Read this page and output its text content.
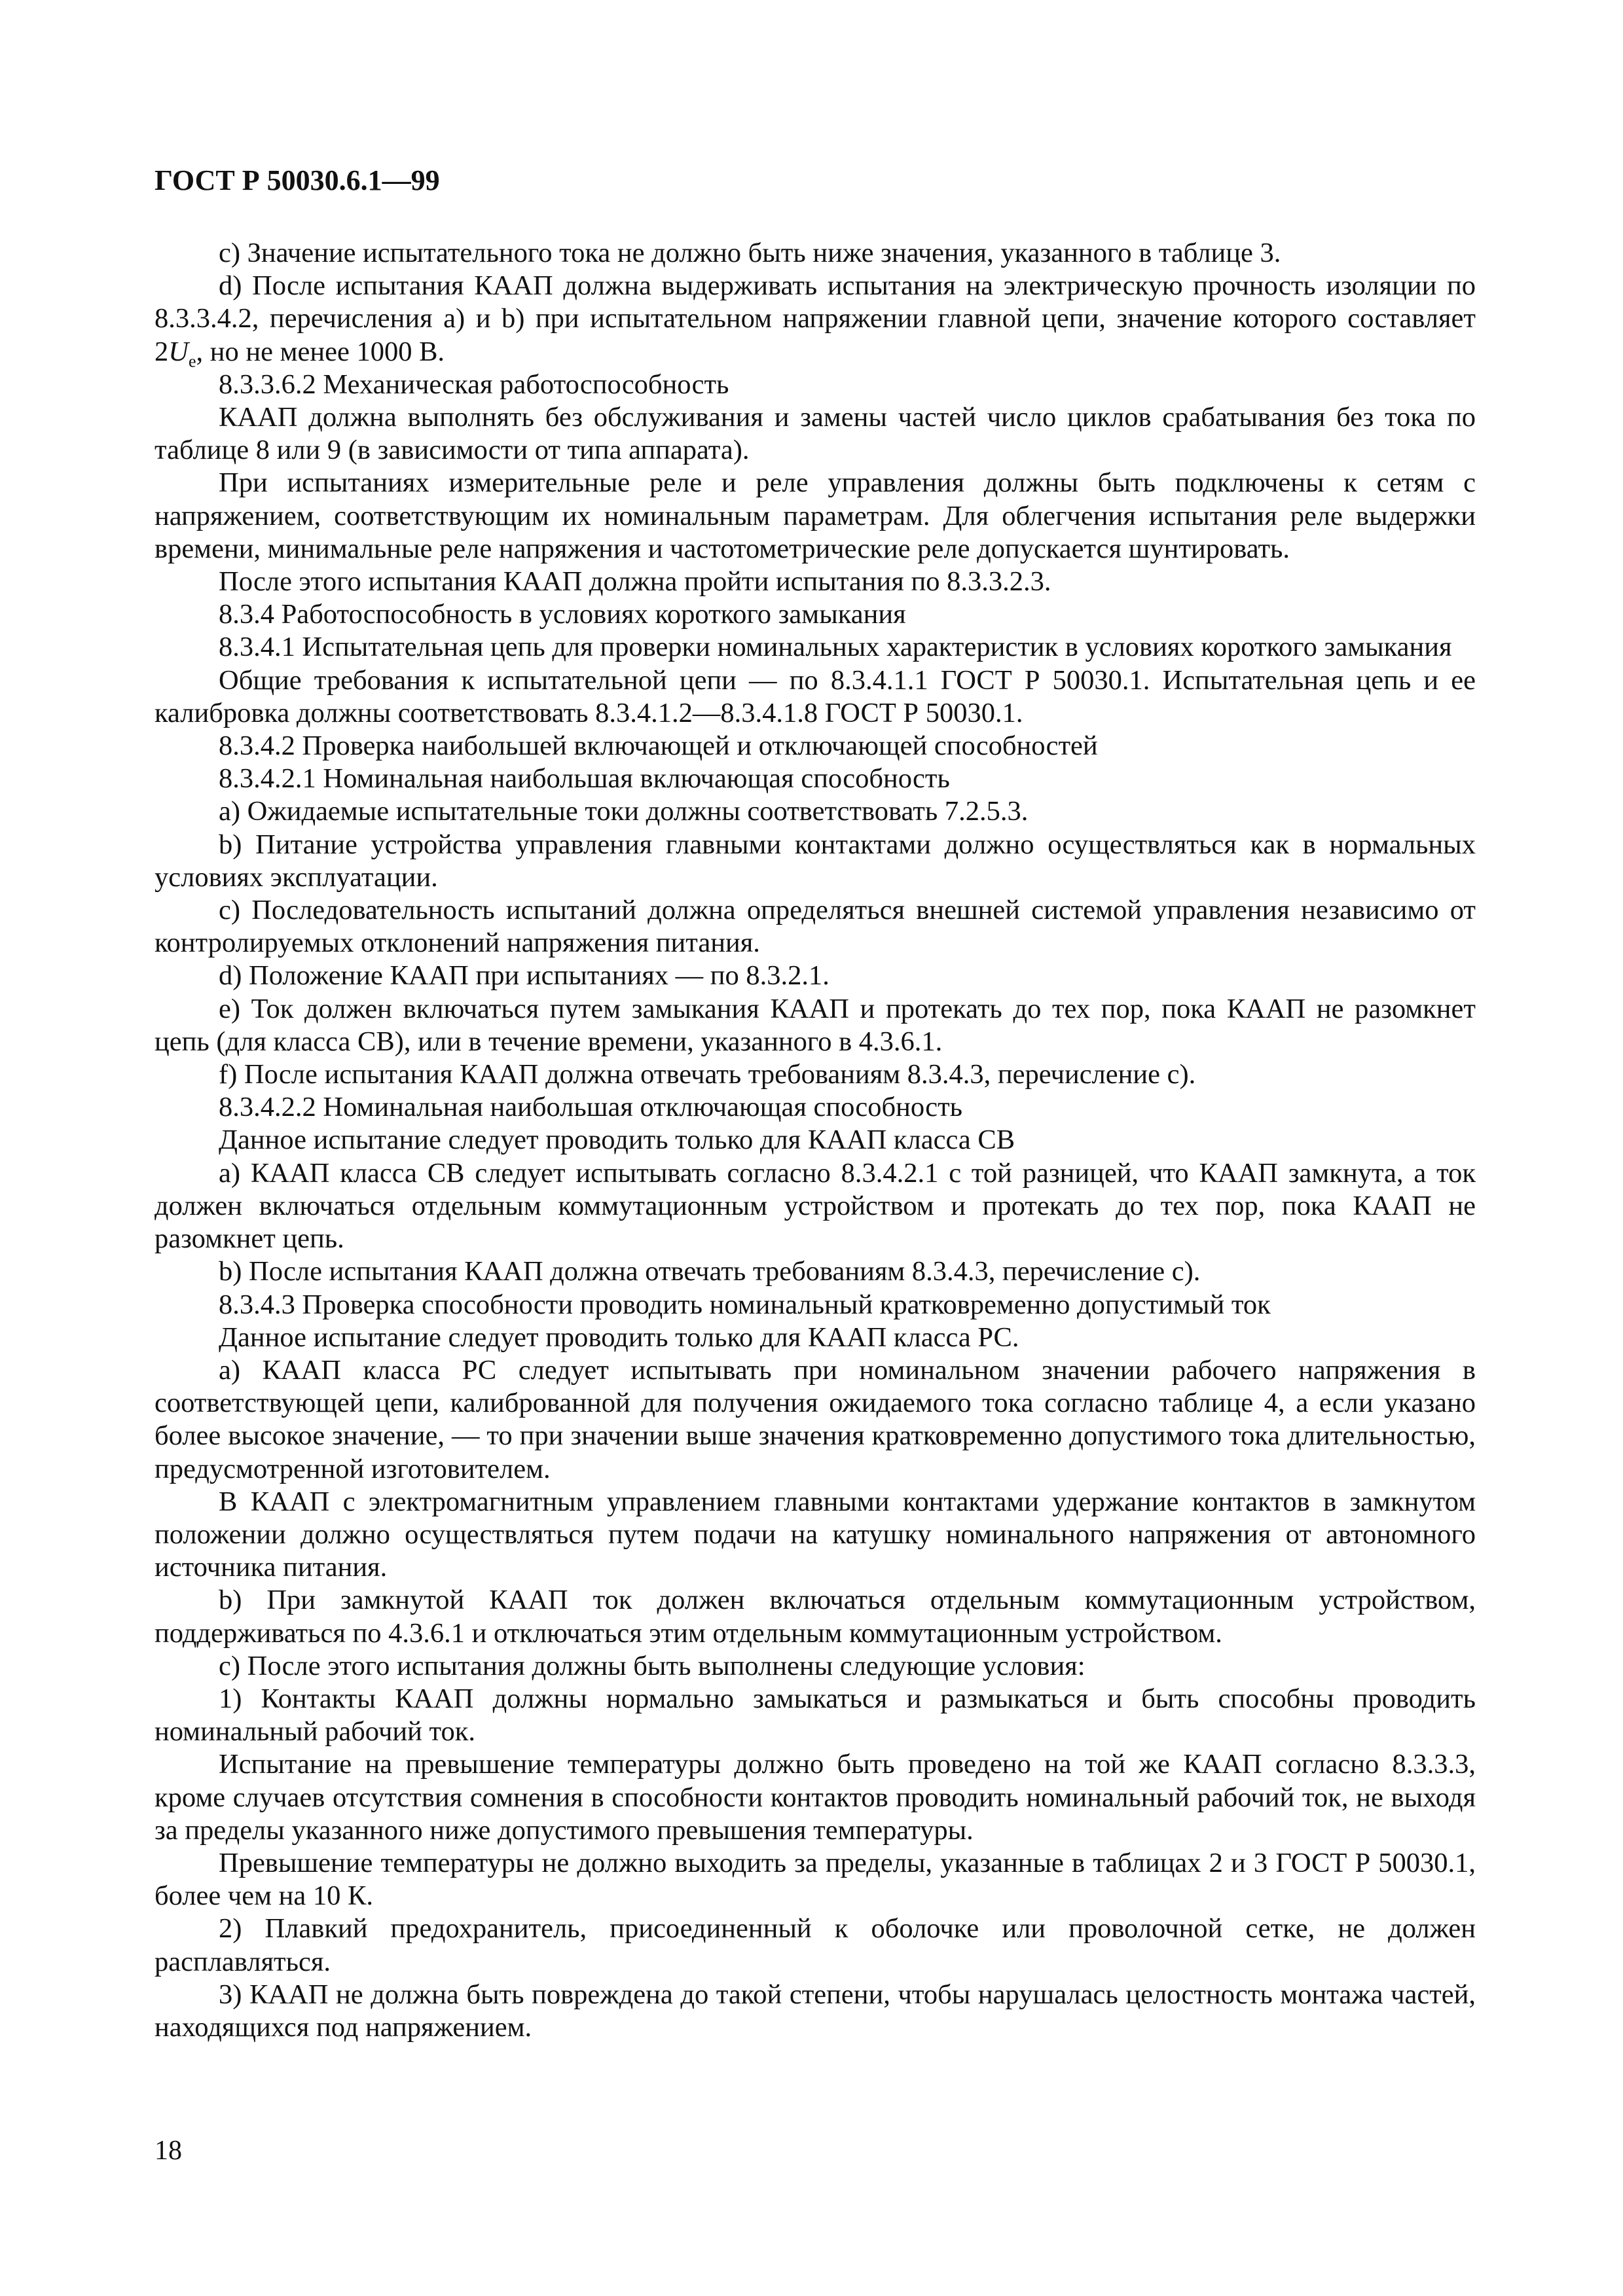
ГОСТ Р 50030.6.1—99

с) Значение испытательного тока не должно быть ниже значения, указанного в таблице 3.

d) После испытания КААП должна выдерживать испытания на электрическую прочность изоляции по 8.3.3.4.2, перечисления а) и b) при испытательном напряжении главной цепи, значение которого составляет $2U_e$, но не менее 1000 В.

8.3.3.6.2 Механическая работоспособность

КААП должна выполнять без обслуживания и замены частей число циклов срабатывания без тока по таблице 8 или 9 (в зависимости от типа аппарата).

При испытаниях измерительные реле и реле управления должны быть подключены к сетям с напряжением, соответствующим их номинальным параметрам. Для облегчения испытания реле выдержки времени, минимальные реле напряжения и частотометрические реле допускается шунтировать.

После этого испытания КААП должна пройти испытания по 8.3.3.2.3.

8.3.4 Работоспособность в условиях короткого замыкания

8.3.4.1 Испытательная цепь для проверки номинальных характеристик в условиях короткого замыкания

Общие требования к испытательной цепи — по 8.3.4.1.1 ГОСТ Р 50030.1. Испытательная цепь и ее калибровка должны соответствовать 8.3.4.1.2—8.3.4.1.8 ГОСТ Р 50030.1.

8.3.4.2 Проверка наибольшей включающей и отключающей способностей

8.3.4.2.1 Номинальная наибольшая включающая способность

а) Ожидаемые испытательные токи должны соответствовать 7.2.5.3.

b) Питание устройства управления главными контактами должно осуществляться как в нормальных условиях эксплуатации.

с) Последовательность испытаний должна определяться внешней системой управления независимо от контролируемых отклонений напряжения питания.

d) Положение КААП при испытаниях — по 8.3.2.1.

е) Ток должен включаться путем замыкания КААП и протекать до тех пор, пока КААП не разомкнет цепь (для класса СВ), или в течение времени, указанного в 4.3.6.1.

f) После испытания КААП должна отвечать требованиям 8.3.4.3, перечисление с).

8.3.4.2.2 Номинальная наибольшая отключающая способность

Данное испытание следует проводить только для КААП класса СВ

а) КААП класса СВ следует испытывать согласно 8.3.4.2.1 с той разницей, что КААП замкнута, а ток должен включаться отдельным коммутационным устройством и протекать до тех пор, пока КААП не разомкнет цепь.

b) После испытания КААП должна отвечать требованиям 8.3.4.3, перечисление с).

8.3.4.3 Проверка способности проводить номинальный кратковременно допустимый ток

Данное испытание следует проводить только для КААП класса РС.

а) КААП класса РС следует испытывать при номинальном значении рабочего напряжения в соответствующей цепи, калиброванной для получения ожидаемого тока согласно таблице 4, а если указано более высокое значение, — то при значении выше значения кратковременно допустимого тока длительностью, предусмотренной изготовителем.

В КААП с электромагнитным управлением главными контактами удержание контактов в замкнутом положении должно осуществляться путем подачи на катушку номинального напряжения от автономного источника питания.

b) При замкнутой КААП ток должен включаться отдельным коммутационным устройством, поддерживаться по 4.3.6.1 и отключаться этим отдельным коммутационным устройством.

с) После этого испытания должны быть выполнены следующие условия:

1) Контакты КААП должны нормально замыкаться и размыкаться и быть способны проводить номинальный рабочий ток.

Испытание на превышение температуры должно быть проведено на той же КААП согласно 8.3.3.3, кроме случаев отсутствия сомнения в способности контактов проводить номинальный рабочий ток, не выходя за пределы указанного ниже допустимого превышения температуры.

Превышение температуры не должно выходить за пределы, указанные в таблицах 2 и 3 ГОСТ Р 50030.1, более чем на 10 К.

2) Плавкий предохранитель, присоединенный к оболочке или проволочной сетке, не должен расплавляться.

3) КААП не должна быть повреждена до такой степени, чтобы нарушалась целостность монтажа частей, находящихся под напряжением.

18
